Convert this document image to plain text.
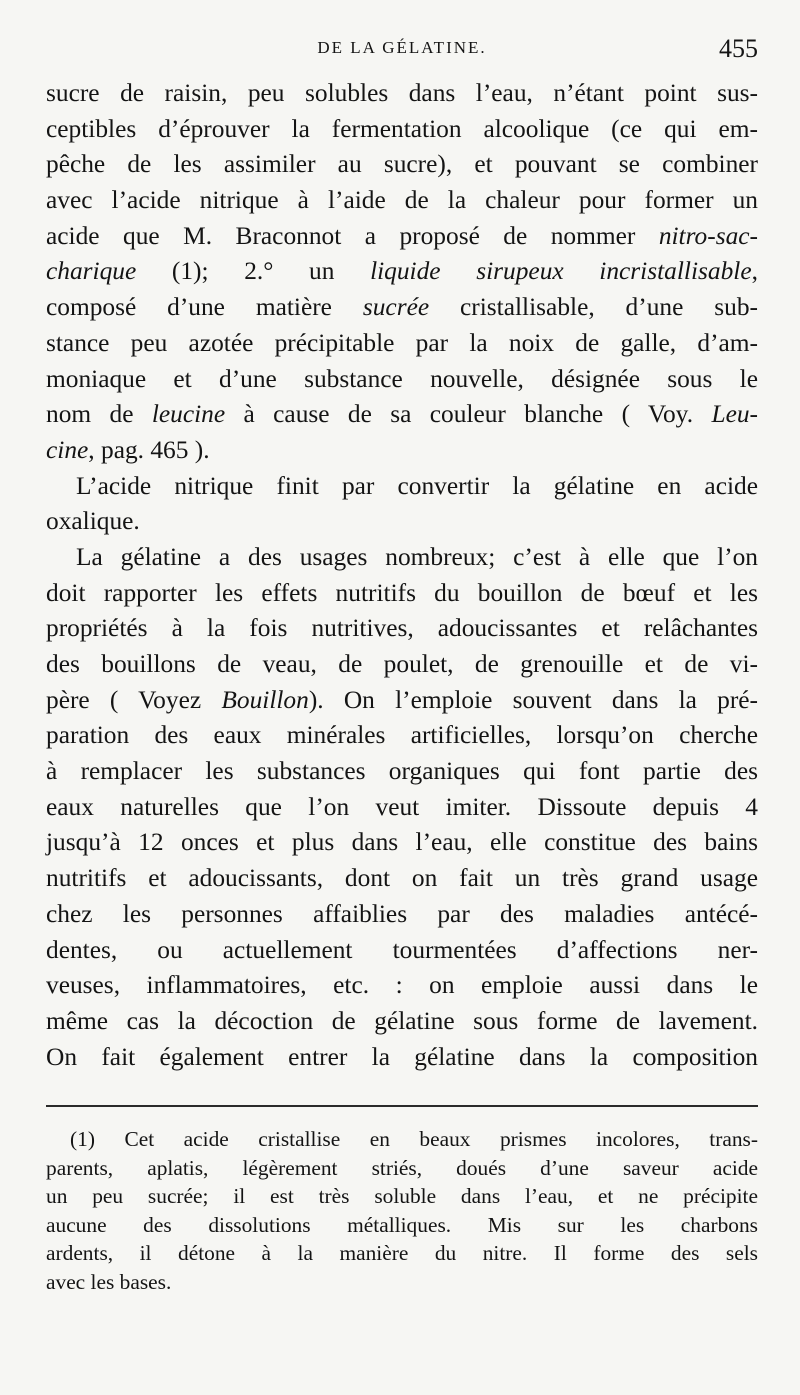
DE LA GÉLATINE.	455
sucre de raisin, peu solubles dans l’eau, n’étant point sus-
ceptibles d’éprouver la fermentation alcoolique (ce qui em-
pêche de les assimiler au sucre), et pouvant se combiner
avec l’acide nitrique à l’aide de la chaleur pour former un
acide que M. Braconnot a proposé de nommer nitro-sac-
charique (1); 2.° un liquide sirupeux incristallisable,
composé d’une matière sucrée cristallisable, d’une sub-
stance peu azotée précipitable par la noix de galle, d’am-
moniaque et d’une substance nouvelle, désignée sous le
nom de leucine à cause de sa couleur blanche ( Voy. Leu-
cine, pag. 465 ).
L’acide nitrique finit par convertir la gélatine en acide
oxalique.
La gélatine a des usages nombreux; c’est à elle que l’on
doit rapporter les effets nutritifs du bouillon de bœuf et les
propriétés à la fois nutritives, adoucissantes et relâchantes
des bouillons de veau, de poulet, de grenouille et de vi-
père ( Voyez Bouillon). On l’emploie souvent dans la pré-
paration des eaux minérales artificielles, lorsqu’on cherche
à remplacer les substances organiques qui font partie des
eaux naturelles que l’on veut imiter. Dissoute depuis 4
jusqu’à 12 onces et plus dans l’eau, elle constitue des bains
nutritifs et adoucissants, dont on fait un très grand usage
chez les personnes affaiblies par des maladies antécé-
dentes, ou actuellement tourmentées d’affections ner-
veuses, inflammatoires, etc. : on emploie aussi dans le
même cas la décoction de gélatine sous forme de lavement.
On fait également entrer la gélatine dans la composition
(1) Cet acide cristallise en beaux prismes incolores, trans-
parents, aplatis, légèrement striés, doués d’une saveur acide
un peu sucrée; il est très soluble dans l’eau, et ne précipite
aucune des dissolutions métalliques. Mis sur les charbons
ardents, il détone à la manière du nitre. Il forme des sels
avec les bases.
